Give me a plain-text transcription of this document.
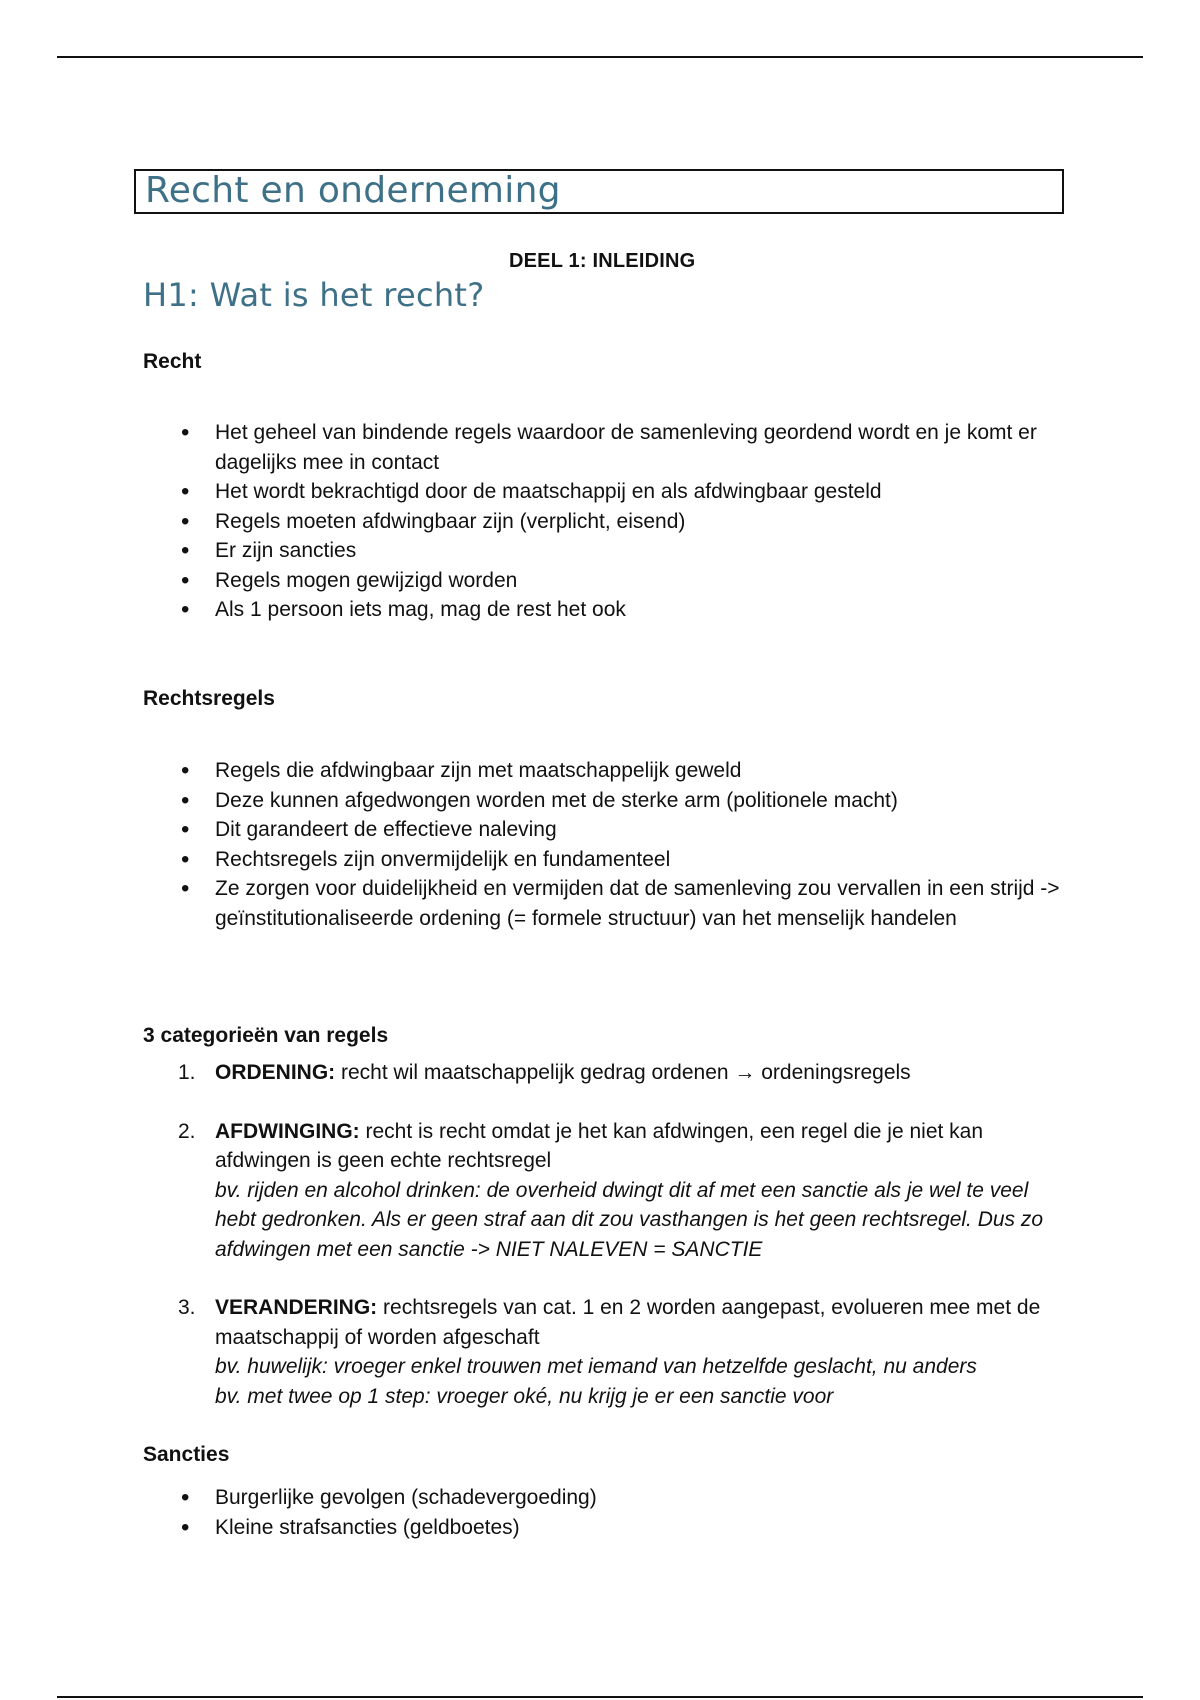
Recht en onderneming
DEEL 1: INLEIDING
H1: Wat is het recht?
Recht
• Het geheel van bindende regels waardoor de samenleving geordend wordt en je komt er dagelijks mee in contact
• Het wordt bekrachtigd door de maatschappij en als afdwingbaar gesteld
• Regels moeten afdwingbaar zijn (verplicht, eisend)
• Er zijn sancties
• Regels mogen gewijzigd worden
• Als 1 persoon iets mag, mag de rest het ook
Rechtsregels
• Regels die afdwingbaar zijn met maatschappelijk geweld
• Deze kunnen afgedwongen worden met de sterke arm (politionele macht)
• Dit garandeert de effectieve naleving
• Rechtsregels zijn onvermijdelijk en fundamenteel
• Ze zorgen voor duidelijkheid en vermijden dat de samenleving zou vervallen in een strijd -> geïnstitutionaliseerde ordening (= formele structuur) van het menselijk handelen
3 categorieën van regels
1. ORDENING: recht wil maatschappelijk gedrag ordenen → ordeningsregels
2. AFDWINGING: recht is recht omdat je het kan afdwingen, een regel die je niet kan afdwingen is geen echte rechtsregel
bv. rijden en alcohol drinken: de overheid dwingt dit af met een sanctie als je wel te veel hebt gedronken. Als er geen straf aan dit zou vasthangen is het geen rechtsregel. Dus zo afdwingen met een sanctie -> NIET NALEVEN = SANCTIE
3. VERANDERING: rechtsregels van cat. 1 en 2 worden aangepast, evolueren mee met de maatschappij of worden afgeschaft
bv. huwelijk: vroeger enkel trouwen met iemand van hetzelfde geslacht, nu anders
bv. met twee op 1 step: vroeger oké, nu krijg je er een sanctie voor
Sancties
• Burgerlijke gevolgen (schadevergoeding)
• Kleine strafsancties (geldboetes)
